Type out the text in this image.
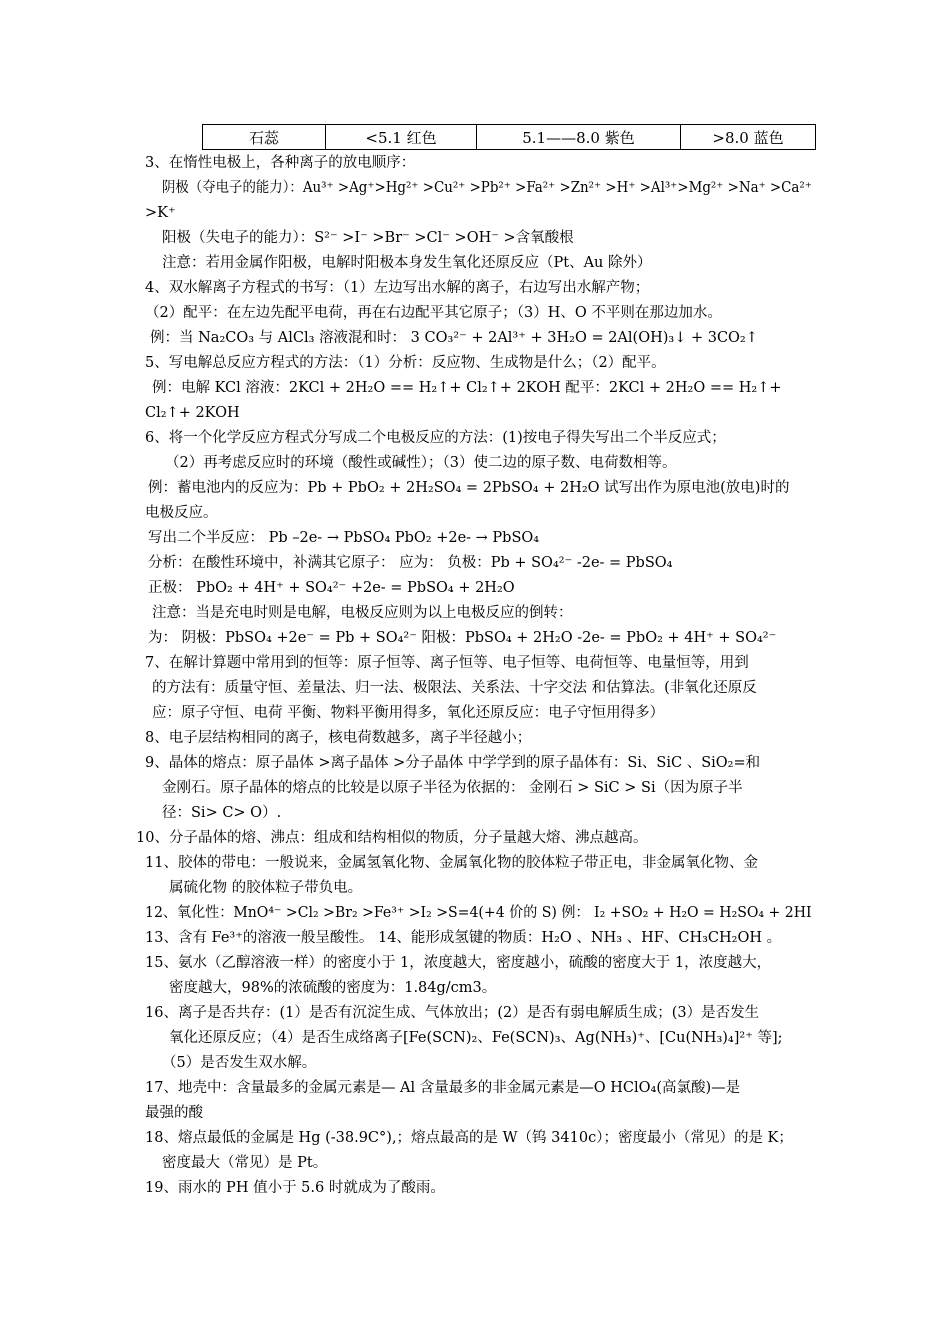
石蕊	<5.1 红色	5.1——8.0 紫色	>8.0 蓝色
3、在惰性电极上，各种离子的放电顺序：
阴极（夺电子的能力）：Au³⁺ >Ag⁺>Hg²⁺ >Cu²⁺ >Pb²⁺ >Fa²⁺ >Zn²⁺ >H⁺ >Al³⁺>Mg²⁺ >Na⁺ >Ca²⁺
>K⁺
阳极（失电子的能力）：S²⁻ >I⁻ >Br⁻ >Cl⁻ >OH⁻ >含氧酸根
注意：若用金属作阳极，电解时阳极本身发生氧化还原反应（Pt、Au 除外）
4、双水解离子方程式的书写：（1）左边写出水解的离子，右边写出水解产物；
（2）配平：在左边先配平电荷，再在右边配平其它原子；（3）H、O 不平则在那边加水。
例：当 Na₂CO₃ 与 AlCl₃ 溶液混和时： 3 CO₃²⁻ + 2Al³⁺ + 3H₂O = 2Al(OH)₃↓ + 3CO₂↑
5、写电解总反应方程式的方法：（1）分析：反应物、生成物是什么；（2）配平。
例：电解 KCl 溶液：2KCl + 2H₂O == H₂↑+ Cl₂↑+ 2KOH 配平：2KCl + 2H₂O == H₂↑+
Cl₂↑+ 2KOH
6、将一个化学反应方程式分写成二个电极反应的方法：(1)按电子得失写出二个半反应式；
（2）再考虑反应时的环境（酸性或碱性）；（3）使二边的原子数、电荷数相等。
例：蓄电池内的反应为：Pb + PbO₂ + 2H₂SO₄ = 2PbSO₄ + 2H₂O 试写出作为原电池(放电)时的
电极反应。
写出二个半反应： Pb –2e- → PbSO₄ PbO₂ +2e- → PbSO₄
分析：在酸性环境中，补满其它原子： 应为： 负极：Pb + SO₄²⁻ -2e- = PbSO₄
正极： PbO₂ + 4H⁺ + SO₄²⁻ +2e- = PbSO₄ + 2H₂O
注意：当是充电时则是电解，电极反应则为以上电极反应的倒转：
为： 阴极：PbSO₄ +2e⁻ = Pb + SO₄²⁻ 阳极：PbSO₄ + 2H₂O -2e- = PbO₂ + 4H⁺ + SO₄²⁻
7、在解计算题中常用到的恒等：原子恒等、离子恒等、电子恒等、电荷恒等、电量恒等，用到
的方法有：质量守恒、差量法、归一法、极限法、关系法、十字交法 和估算法。(非氧化还原反
应：原子守恒、电荷 平衡、物料平衡用得多，氧化还原反应：电子守恒用得多）
8、电子层结构相同的离子，核电荷数越多，离子半径越小；
9、晶体的熔点：原子晶体 >离子晶体 >分子晶体 中学学到的原子晶体有：Si、SiC 、SiO₂=和
金刚石。原子晶体的熔点的比较是以原子半径为依据的： 金刚石 > SiC > Si（因为原子半
径：Si> C> O）.
10、分子晶体的熔、沸点：组成和结构相似的物质，分子量越大熔、沸点越高。
11、胶体的带电：一般说来，金属氢氧化物、金属氧化物的胶体粒子带正电，非金属氧化物、金
属硫化物 的胶体粒子带负电。
12、氧化性：MnO⁴⁻ >Cl₂ >Br₂ >Fe³⁺ >I₂ >S=4(+4 价的 S) 例： I₂ +SO₂ + H₂O = H₂SO₄ + 2HI
13、含有 Fe³⁺的溶液一般呈酸性。 14、能形成氢键的物质：H₂O 、NH₃ 、HF、CH₃CH₂OH 。
15、氨水（乙醇溶液一样）的密度小于 1，浓度越大，密度越小，硫酸的密度大于 1，浓度越大，
密度越大，98%的浓硫酸的密度为：1.84g/cm3。
16、离子是否共存：(1）是否有沉淀生成、气体放出；(2）是否有弱电解质生成；(3）是否发生
氧化还原反应；（4）是否生成络离子[Fe(SCN)₂、Fe(SCN)₃、Ag(NH₃)⁺、[Cu(NH₃)₄]²⁺ 等];
（5）是否发生双水解。
17、地壳中：含量最多的金属元素是— Al 含量最多的非金属元素是—O HClO₄(高氯酸)—是
最强的酸
18、熔点最低的金属是 Hg (-38.9C°),；熔点最高的是 W（钨 3410c）；密度最小（常见）的是 K；
密度最大（常见）是 Pt。
19、雨水的 PH 值小于 5.6 时就成为了酸雨。
